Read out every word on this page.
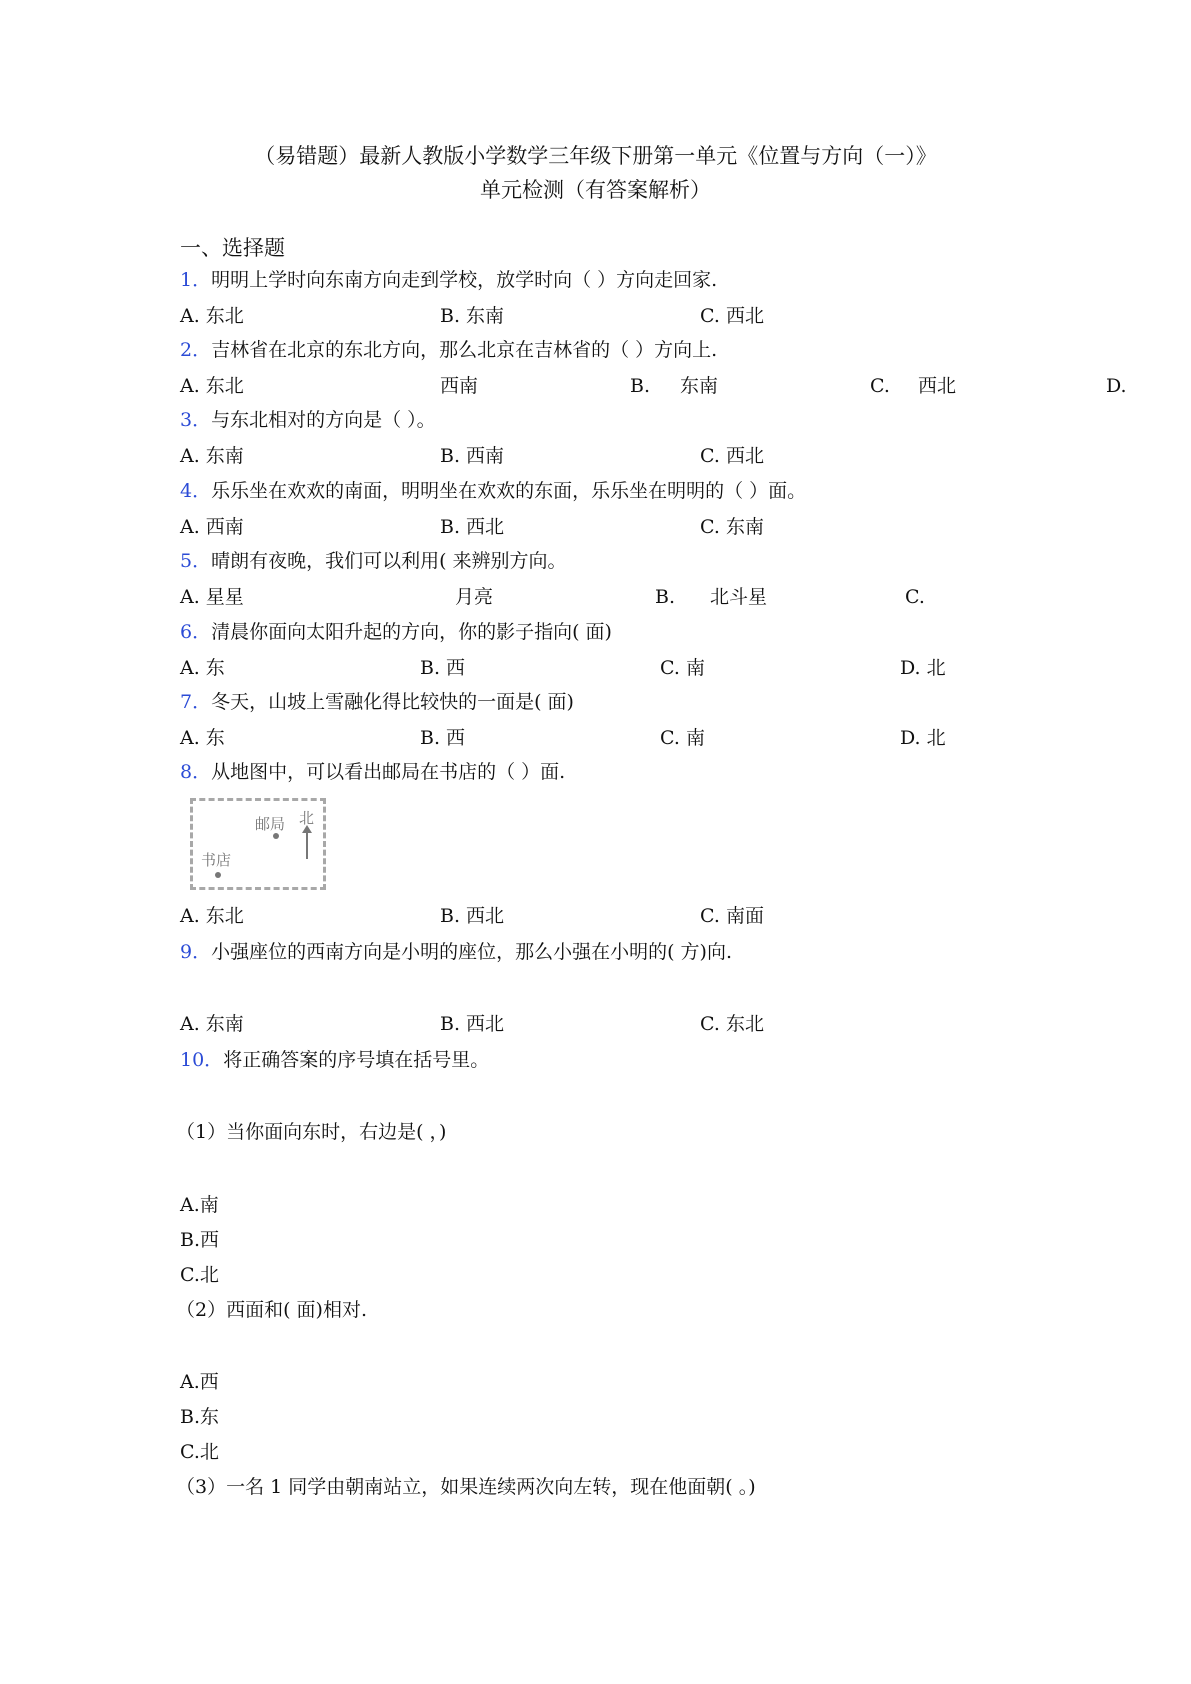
（易错题）最新人教版小学数学三年级下册第一单元《位置与方向（一）》
单元检测（有答案解析）
一、选择题
1．明明上学时向东南方向走到学校，放学时向（ ）方向走回家.
A. 东北	B. 东南	C. 西北
2．吉林省在北京的东北方向，那么北京在吉林省的（ ）方向上.
A. 东北	西南	B. 东南	C. 西北	D.
3．与东北相对的方向是（ ）。
A. 东南	B. 西南	C. 西北
4．乐乐坐在欢欢的南面，明明坐在欢欢的东面，乐乐坐在明明的（ ）面。
A. 西南	B. 西北	C. 东南
5．晴朗有夜晚，我们可以利用( 来辨别方向。
A. 星星	月亮	B. 北斗星	C.
6．清晨你面向太阳升起的方向，你的影子指向( 面)
A. 东	B. 西	C. 南	D. 北
7．冬天，山坡上雪融化得比较快的一面是( 面)
A. 东	B. 西	C. 南	D. 北
8．从地图中，可以看出邮局在书店的（ ）面.
邮局 北
书店
A. 东北	B. 西北	C. 南面
9．小强座位的西南方向是小明的座位，那么小强在小明的( 方)向.
A. 东南	B. 西北	C. 东北
10．将正确答案的序号填在括号里。
（1）当你面向东时，右边是( ，)
A.南
B.西
C.北
（2）西面和( 面)相对.
A.西
B.东
C.北
（3）一名 1 同学由朝南站立，如果连续两次向左转，现在他面朝( 。)
